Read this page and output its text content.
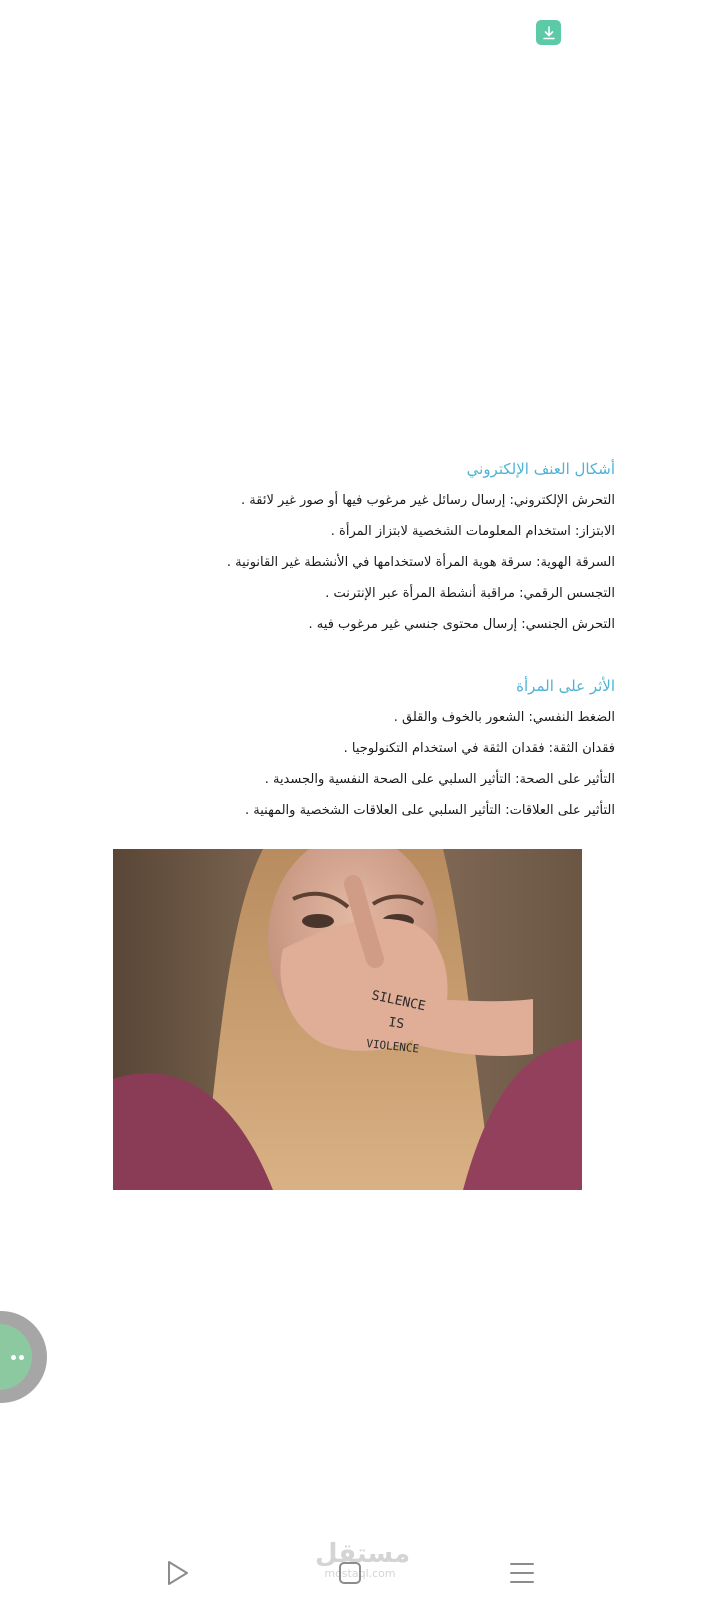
أشكال العنف الإلكتروني

التحرش الإلكتروني: إرسال رسائل غير مرغوب فيها أو صور غير لائقة .

الابتزاز: استخدام المعلومات الشخصية لابتزاز المرأة .

السرقة الهوية: سرقة هوية المرأة لاستخدامها في الأنشطة غير القانونية .

التجسس الرقمي: مراقبة أنشطة المرأة عبر الإنترنت .

التحرش الجنسي: إرسال محتوى جنسي غير مرغوب فيه .

الأثر على المرأة

الضغط النفسي: الشعور بالخوف والقلق .

فقدان الثقة: فقدان الثقة في استخدام التكنولوجيا .

التأثير على الصحة: التأثير السلبي على الصحة النفسية والجسدية .

التأثير على العلاقات: التأثير السلبي على العلاقات الشخصية والمهنية .

SILENCE
IS
VIOLENCE
مستقل
mostaql.com
